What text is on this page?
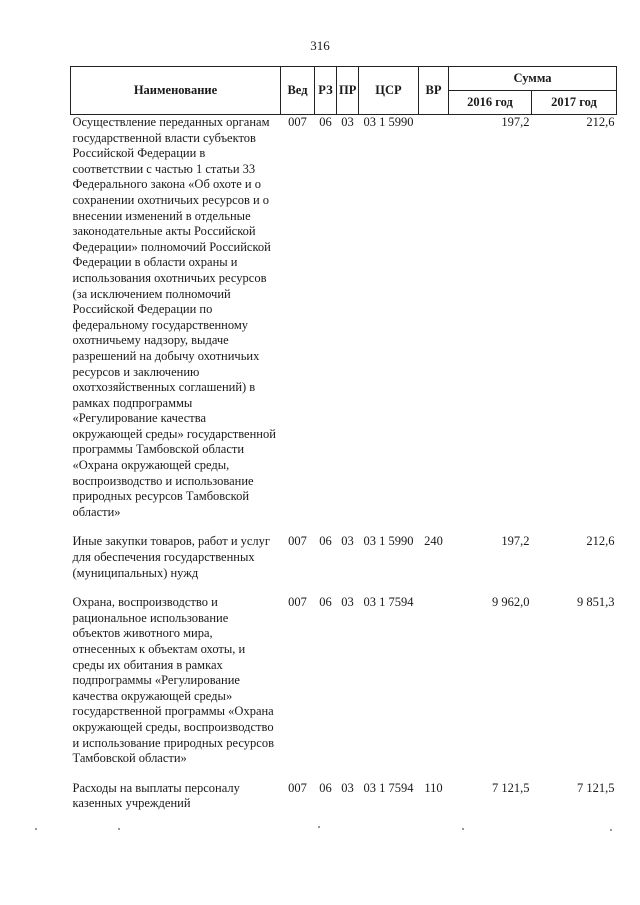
316
Наименование	Вед	РЗ	ПР	ЦСР	ВР	Сумма	
						2016 год	2017 год
Осуществление переданных органам государственной власти субъектов Российской Федерации в соответствии с частью 1 статьи 33 Федерального закона «Об охоте и о сохранении охотничьих ресурсов и о внесении изменений в отдельные законодательные акты Российской Федерации» полномочий Российской Федерации в области охраны и использования охотничьих ресурсов (за исключением полномочий Российской Федерации по федеральному государственному охотничьему надзору, выдаче разрешений на добычу охотничьих ресурсов и заключению охотхозяйственных соглашений) в рамках подпрограммы «Регулирование качества окружающей среды» государственной программы Тамбовской области «Охрана окружающей среды, воспроизводство и использование природных ресурсов Тамбовской области»	007	06	03	03 1 5990		197,2	212,6
Иные закупки товаров, работ и услуг для обеспечения государственных (муниципальных) нужд	007	06	03	03 1 5990	240	197,2	212,6
Охрана, воспроизводство и рациональное использование объектов животного мира, отнесенных к объектам охоты, и среды их обитания в рамках подпрограммы «Регулирование качества окружающей среды» государственной программы «Охрана окружающей среды, воспроизводство и использование природных ресурсов Тамбовской области»	007	06	03	03 1 7594		9 962,0	9 851,3
Расходы на выплаты персоналу казенных учреждений	007	06	03	03 1 7594	110	7 121,5	7 121,5
